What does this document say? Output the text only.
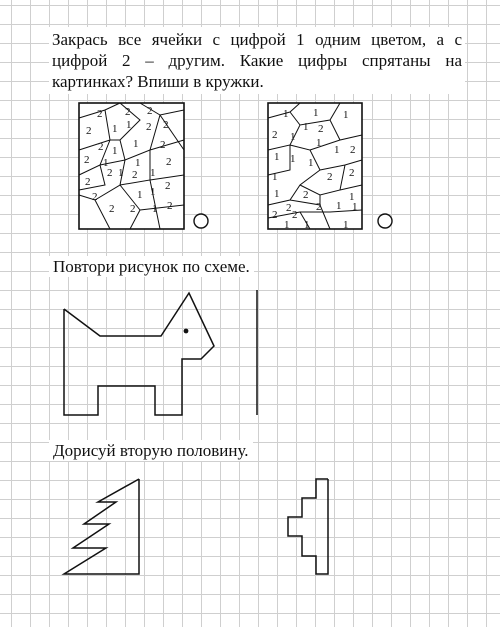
Закрась все ячейки с цифрой 1 одним цветом, а с цифрой 2 – другим. Какие цифры спрятаны на картинках? Впиши в кружки.
Повтори рисунок по схеме.
Дорисуй вторую половину.
2 2 2
2 1 1 2 2
1
2 1	2
2 1 1 2
2 1 2 1
2	2
1
2	1
2 2 1 2
1 1 1
1 2
2 1 1
1 2
1 1 1
2 2
1
1 2	1
2 2 1 1
2 2
1 1	1
